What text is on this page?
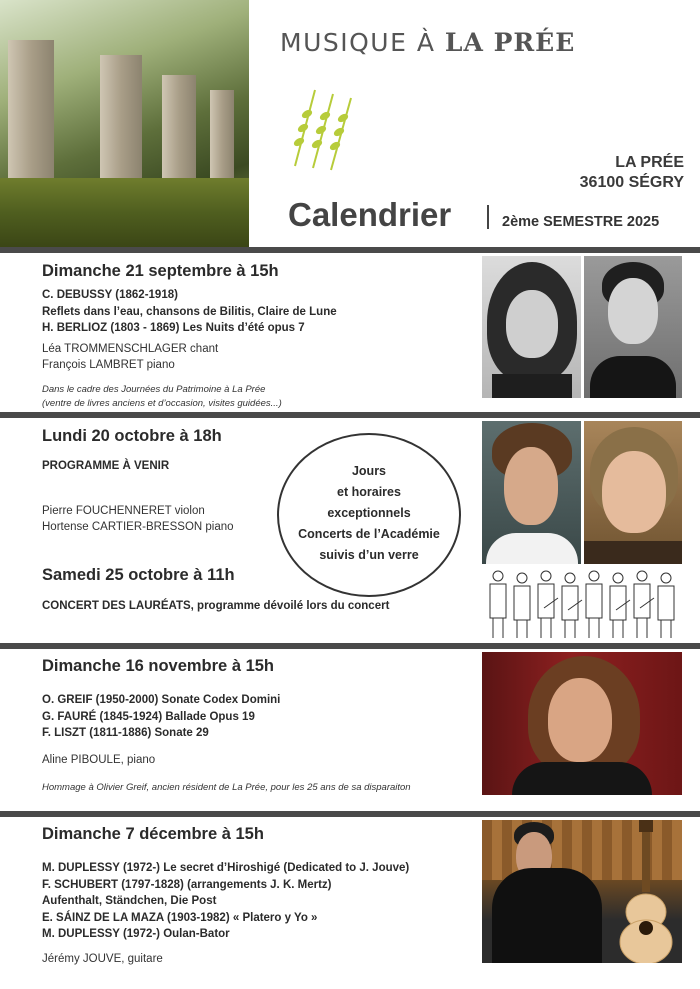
MUSIQUE À LA PRÉE
LA PRÉE
36100 SÉGRY
Calendrier	2ème SEMESTRE 2025
Dimanche 21 septembre à 15h
C. DEBUSSY (1862-1918)
Reflets dans l’eau, chansons de Bilitis, Claire de Lune
H. BERLIOZ (1803 - 1869) Les Nuits d’été opus 7
Léa TROMMENSCHLAGER chant
François LAMBRET piano
Dans le cadre des Journées du Patrimoine à La Prée
(ventre de livres anciens et d’occasion, visites guidées...)
Lundi 20 octobre à 18h
PROGRAMME À VENIR
Pierre FOUCHENNERET violon
Hortense CARTIER-BRESSON piano
Jours
et horaires
exceptionnels
Concerts de l’Académie
suivis d’un verre
Samedi 25 octobre à 11h
CONCERT DES LAURÉATS, programme dévoilé lors du concert
Dimanche 16 novembre à 15h
O. GREIF (1950-2000) Sonate Codex Domini
G. FAURÉ (1845-1924) Ballade Opus 19
F. LISZT (1811-1886) Sonate 29
Aline PIBOULE, piano
Hommage à Olivier Greif, ancien résident de La Prée, pour les 25 ans de sa disparaiton
Dimanche 7 décembre à 15h
M. DUPLESSY (1972-) Le secret d’Hiroshigé (Dedicated to J. Jouve)
F. SCHUBERT (1797-1828) (arrangements J. K. Mertz)
Aufenthalt, Ständchen, Die Post
E. SÁINZ DE LA MAZA (1903-1982) « Platero y Yo »
M. DUPLESSY (1972-) Oulan-Bator
Jérémy JOUVE, guitare
